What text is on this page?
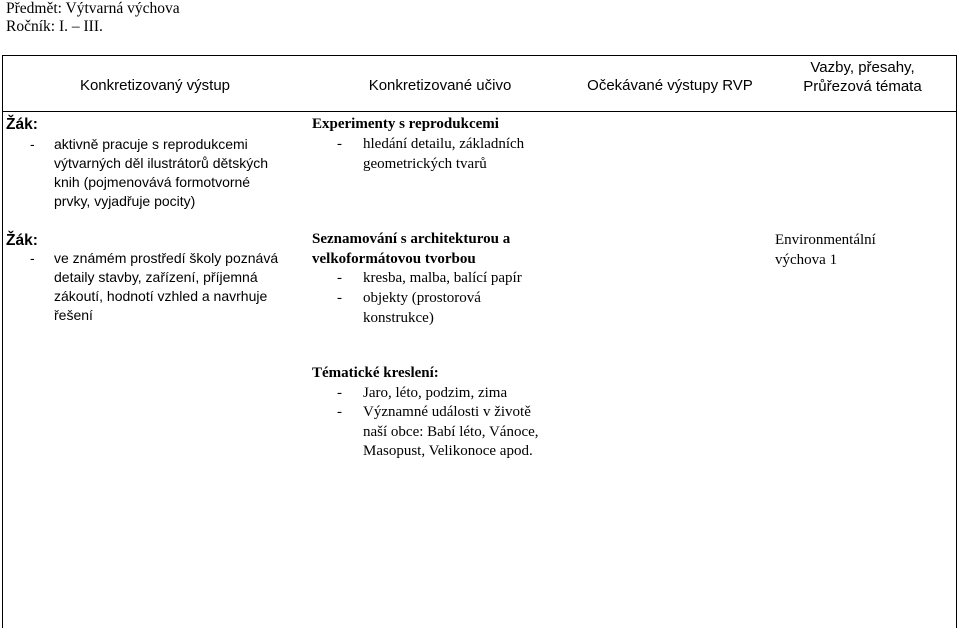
Předmět: Výtvarná výchova
Ročník: I. – III.
Konkretizovaný výstup	Konkretizované učivo	Očekávané výstupy RVP
Vazby, přesahy,
Průřezová témata
Žák:
- aktivně pracuje s reprodukcemi
výtvarných děl ilustrátorů dětských
knih (pojmenovává formotvorné
prvky, vyjadřuje pocity)
Experimenty s reprodukcemi
- hledání detailu, základních
geometrických tvarů
Žák:
- ve známém prostředí školy poznává
detaily stavby, zařízení, příjemná
zákoutí, hodnotí vzhled a navrhuje
řešení
Seznamování s architekturou a
velkoformátovou tvorbou
- kresba, malba, balící papír
- objekty (prostorová
konstrukce)
Environmentální
výchova 1
Tématické kreslení:
- Jaro, léto, podzim, zima
- Významné události v životě
naší obce: Babí léto, Vánoce,
Masopust, Velikonoce apod.
